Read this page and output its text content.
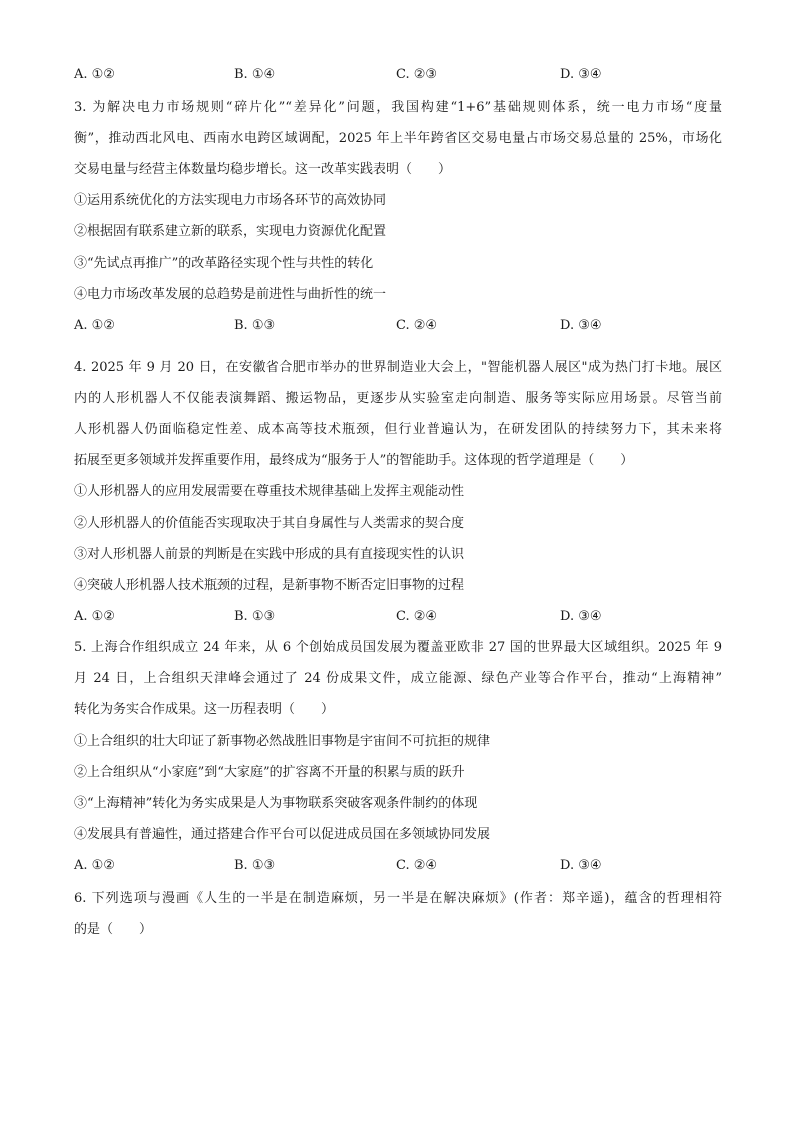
A. ①②	B. ①④	C. ②③	D. ③④
3. 为解决电力市场规则“碎片化”“差异化”问题，我国构建“1+6”基础规则体系，统一电力市场“度量
衡”，推动西北风电、西南水电跨区域调配，2025 年上半年跨省区交易电量占市场交易总量的 25%，市场化
交易电量与经营主体数量均稳步增长。这一改革实践表明（　　）
①运用系统优化的方法实现电力市场各环节的高效协同
②根据固有联系建立新的联系，实现电力资源优化配置
③“先试点再推广”的改革路径实现个性与共性的转化
④电力市场改革发展的总趋势是前进性与曲折性的统一
A. ①②	B. ①③	C. ②④	D. ③④
4. 2025 年 9 月 20 日，在安徽省合肥市举办的世界制造业大会上，"智能机器人展区"成为热门打卡地。展区
内的人形机器人不仅能表演舞蹈、搬运物品，更逐步从实验室走向制造、服务等实际应用场景。尽管当前
人形机器人仍面临稳定性差、成本高等技术瓶颈，但行业普遍认为，在研发团队的持续努力下，其未来将
拓展至更多领域并发挥重要作用，最终成为“服务于人”的智能助手。这体现的哲学道理是（　　）
①人形机器人的应用发展需要在尊重技术规律基础上发挥主观能动性
②人形机器人的价值能否实现取决于其自身属性与人类需求的契合度
③对人形机器人前景的判断是在实践中形成的具有直接现实性的认识
④突破人形机器人技术瓶颈的过程，是新事物不断否定旧事物的过程
A. ①②	B. ①③	C. ②④	D. ③④
5. 上海合作组织成立 24 年来，从 6 个创始成员国发展为覆盖亚欧非 27 国的世界最大区域组织。2025 年 9
月 24 日，上合组织天津峰会通过了 24 份成果文件，成立能源、绿色产业等合作平台，推动“上海精神”
转化为务实合作成果。这一历程表明（　　）
①上合组织的壮大印证了新事物必然战胜旧事物是宇宙间不可抗拒的规律
②上合组织从“小家庭”到“大家庭”的扩容离不开量的积累与质的跃升
③“上海精神”转化为务实成果是人为事物联系突破客观条件制约的体现
④发展具有普遍性，通过搭建合作平台可以促进成员国在多领域协同发展
A. ①②	B. ①③	C. ②④	D. ③④
6. 下列选项与漫画《人生的一半是在制造麻烦，另一半是在解决麻烦》(作者：郑辛遥)，蕴含的哲理相符
的是（　　）
